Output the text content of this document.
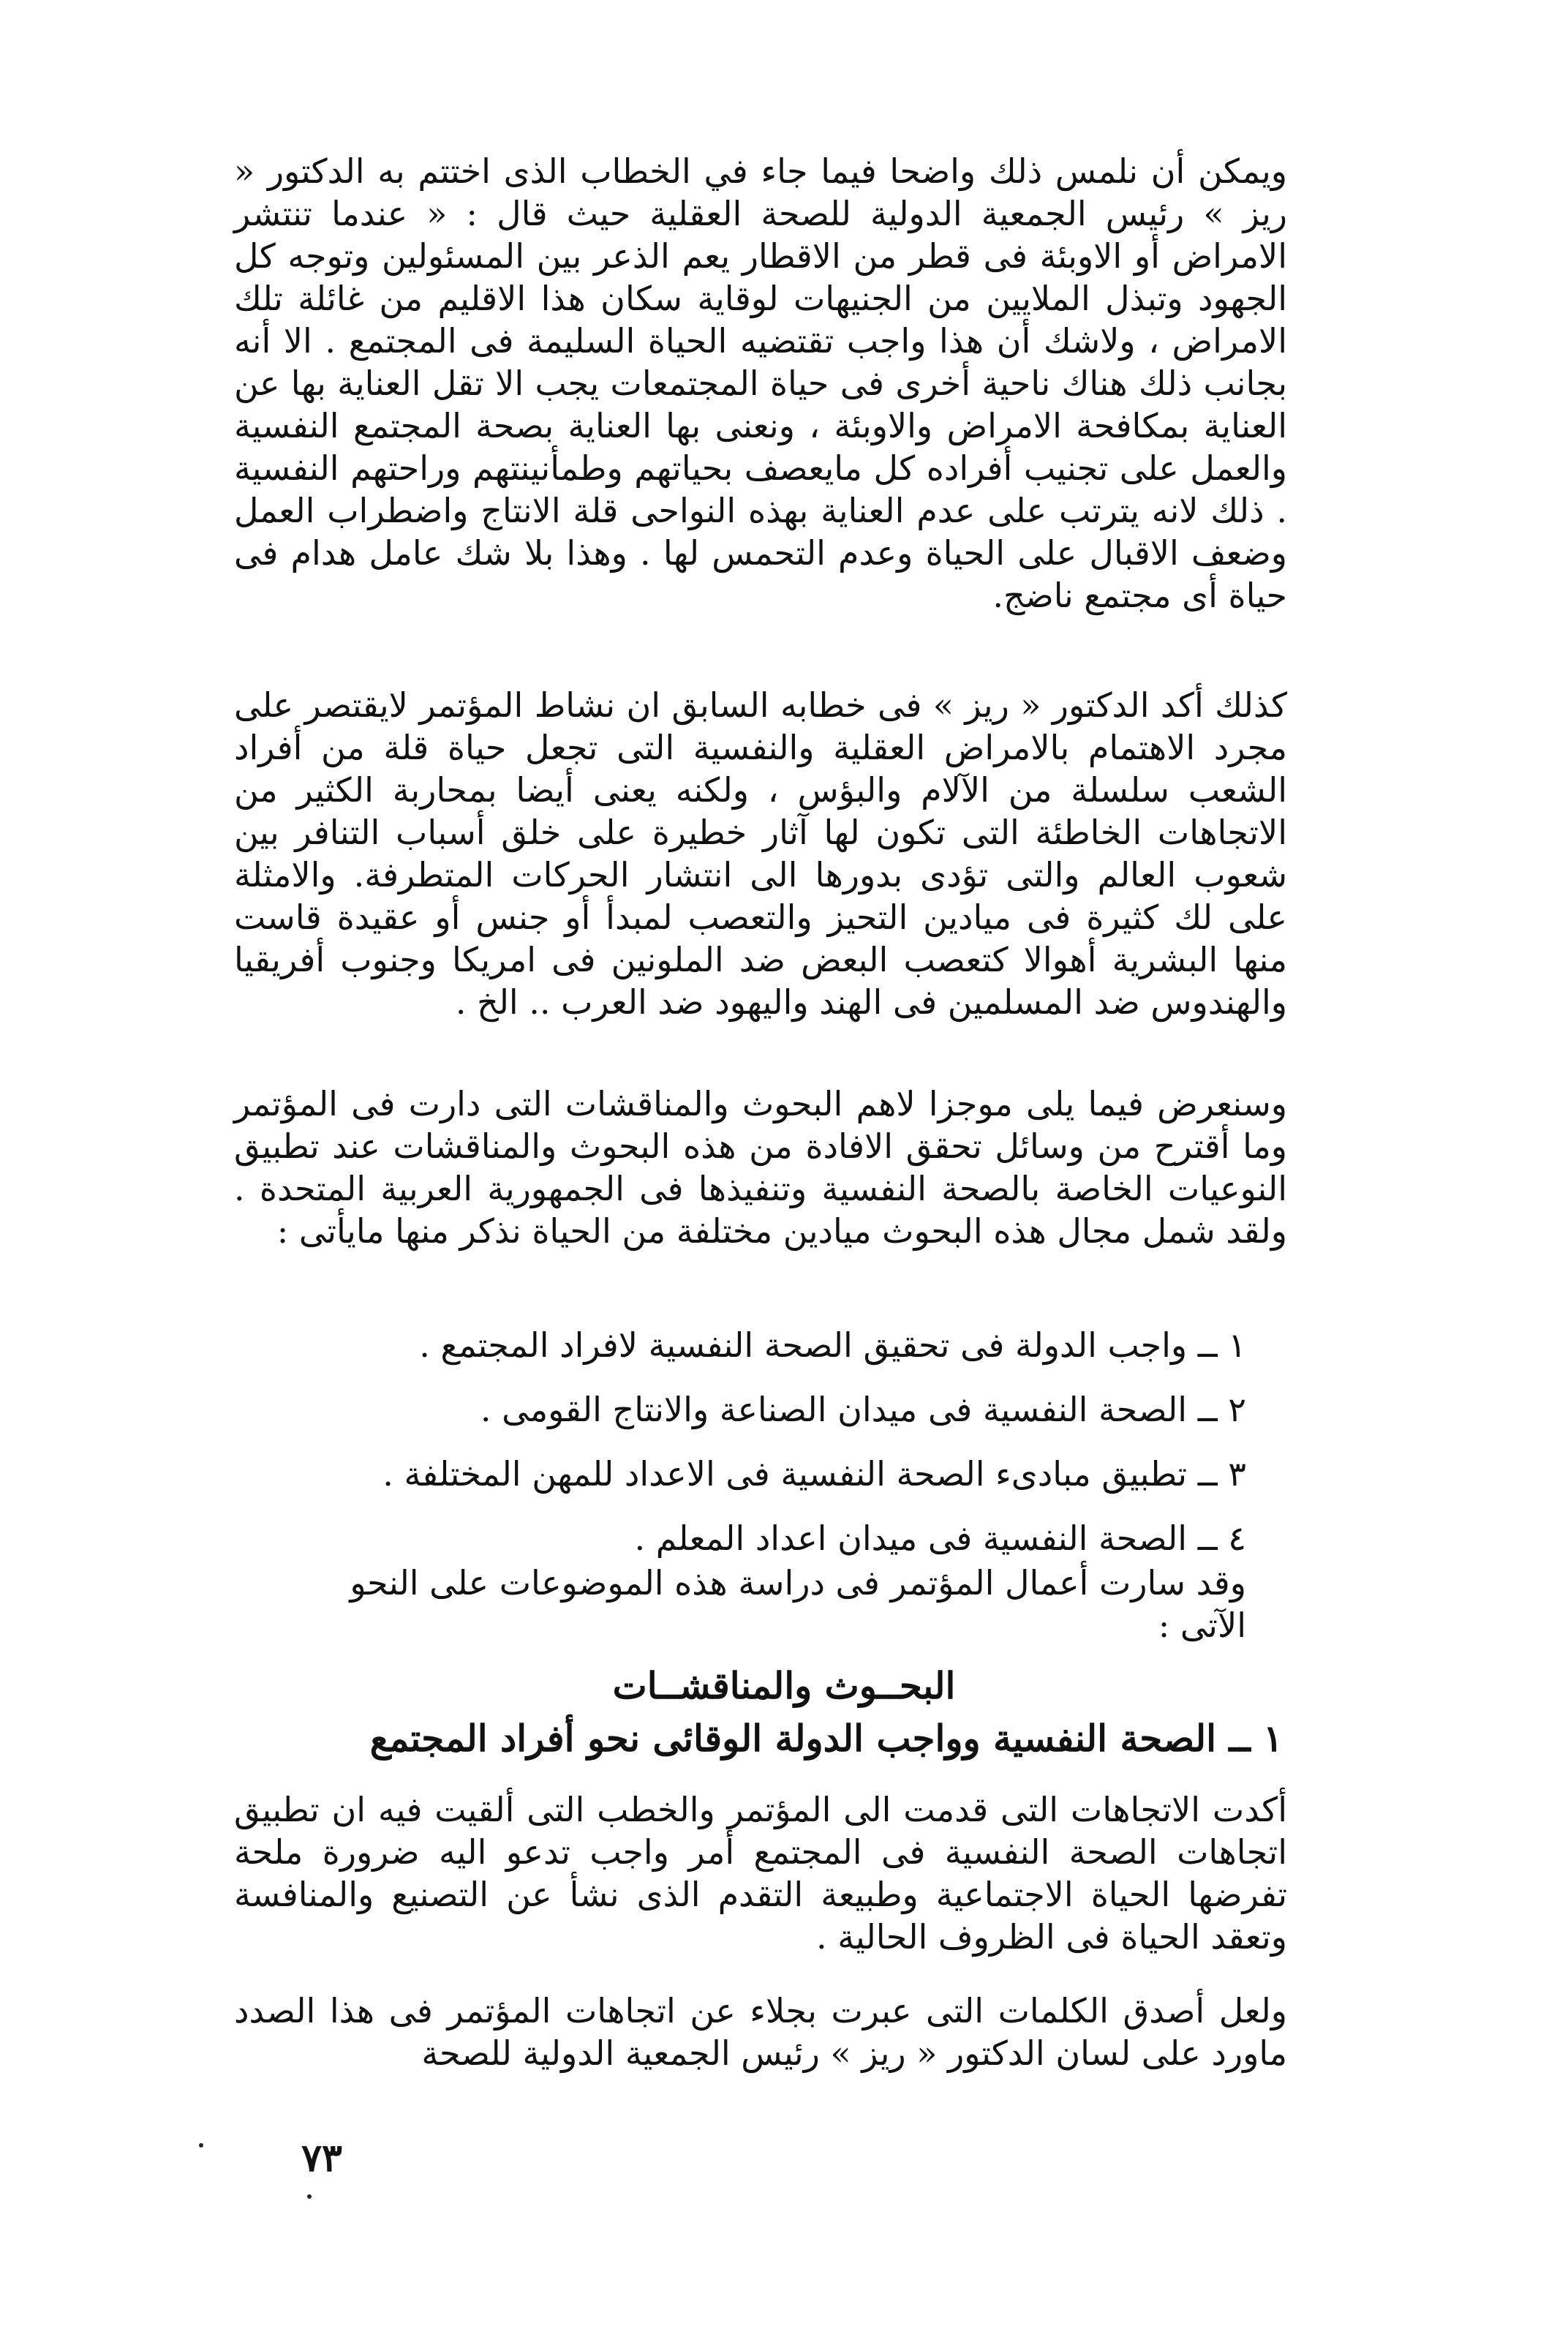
ويمكن أن نلمس ذلك واضحا فيما جاء في الخطاب الذى اختتم به الدكتور « ريز » رئيس الجمعية الدولية للصحة العقلية حيث قال : « عندما تنتشر الامراض أو الاوبئة فى قطر من الاقطار يعم الذعر بين المسئولين وتوجه كل الجهود وتبذل الملايين من الجنيهات لوقاية سكان هذا الاقليم من غائلة تلك الامراض ، ولاشك أن هذا واجب تقتضيه الحياة السليمة فى المجتمع . الا أنه بجانب ذلك هناك ناحية أخرى فى حياة المجتمعات يجب الا تقل العناية بها عن العناية بمكافحة الامراض والاوبئة ، ونعنى بها العناية بصحة المجتمع النفسية والعمل على تجنيب أفراده كل مايعصف بحياتهم وطمأنينتهم وراحتهم النفسية . ذلك لانه يترتب على عدم العناية بهذه النواحى قلة الانتاج واضطراب العمل وضعف الاقبال على الحياة وعدم التحمس لها . وهذا بلا شك عامل هدام فى حياة أى مجتمع ناضج.
كذلك أكد الدكتور « ريز » فى خطابه السابق ان نشاط المؤتمر لايقتصر على مجرد الاهتمام بالامراض العقلية والنفسية التى تجعل حياة قلة من أفراد الشعب سلسلة من الآلام والبؤس ، ولكنه يعنى أيضا بمحاربة الكثير من الاتجاهات الخاطئة التى تكون لها آثار خطيرة على خلق أسباب التنافر بين شعوب العالم والتى تؤدى بدورها الى انتشار الحركات المتطرفة. والامثلة على لك كثيرة فى ميادين التحيز والتعصب لمبدأ أو جنس أو عقيدة قاست منها البشرية أهوالا كتعصب البعض ضد الملونين فى امريكا وجنوب أفريقيا والهندوس ضد المسلمين فى الهند واليهود ضد العرب .. الخ .
وسنعرض فيما يلى موجزا لاهم البحوث والمناقشات التى دارت فى المؤتمر وما أقترح من وسائل تحقق الافادة من هذه البحوث والمناقشات عند تطبيق النوعيات الخاصة بالصحة النفسية وتنفيذها فى الجمهورية العربية المتحدة . ولقد شمل مجال هذه البحوث ميادين مختلفة من الحياة نذكر منها مايأتى :
١ ــ واجب الدولة فى تحقيق الصحة النفسية لافراد المجتمع .
٢ ــ الصحة النفسية فى ميدان الصناعة والانتاج القومى .
٣ ــ تطبيق مبادىء الصحة النفسية فى الاعداد للمهن المختلفة .
٤ ــ الصحة النفسية فى ميدان اعداد المعلم .
وقد سارت أعمال المؤتمر فى دراسة هذه الموضوعات على النحو الآتى :
البحــوث والمناقشــات
١ ــ الصحة النفسية وواجب الدولة الوقائى نحو أفراد المجتمع
أكدت الاتجاهات التى قدمت الى المؤتمر والخطب التى ألقيت فيه ان تطبيق اتجاهات الصحة النفسية فى المجتمع أمر واجب تدعو اليه ضرورة ملحة تفرضها الحياة الاجتماعية وطبيعة التقدم الذى نشأ عن التصنيع والمنافسة وتعقد الحياة فى الظروف الحالية .
ولعل أصدق الكلمات التى عبرت بجلاء عن اتجاهات المؤتمر فى هذا الصدد ماورد على لسان الدكتور « ريز » رئيس الجمعية الدولية للصحة
٧٣
